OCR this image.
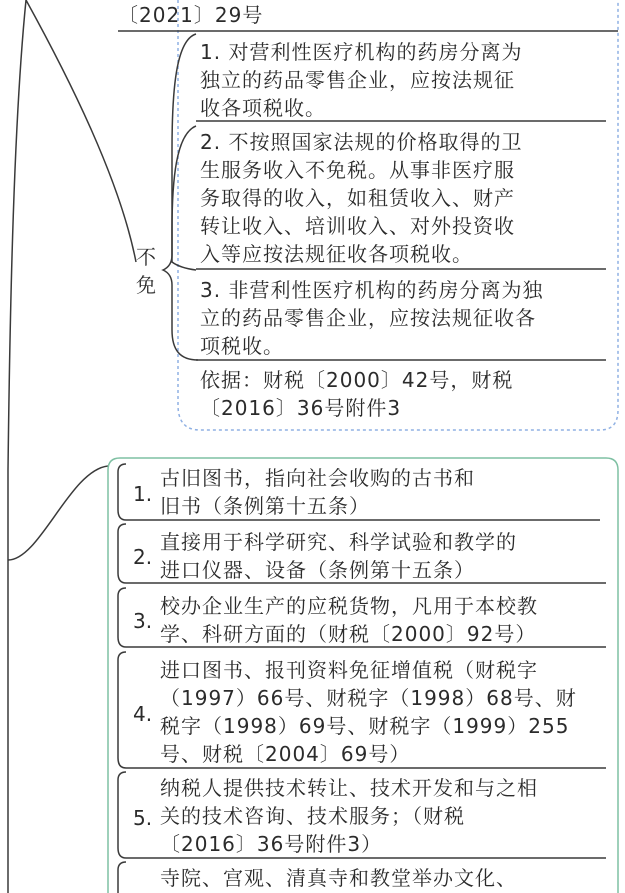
〔2021〕29号
不
免
1. 对营利性医疗机构的药房分离为
独立的药品零售企业，应按法规征
收各项税收。
2. 不按照国家法规的价格取得的卫
生服务收入不免税。从事非医疗服
务取得的收入，如租赁收入、财产
转让收入、培训收入、对外投资收
入等应按法规征收各项税收。
3. 非营利性医疗机构的药房分离为独
立的药品零售企业，应按法规征收各
项税收。
依据：财税〔2000〕42号，财税
〔2016〕36号附件3
1.
古旧图书，指向社会收购的古书和
旧书（条例第十五条）
2.
直接用于科学研究、科学试验和教学的
进口仪器、设备（条例第十五条）
3.
校办企业生产的应税货物，凡用于本校教
学、科研方面的（财税〔2000〕92号）
4.
进口图书、报刊资料免征增值税（财税字
（1997）66号、财税字（1998）68号、财
税字（1998）69号、财税字（1999）255
号、财税〔2004〕69号）
5.
纳税人提供技术转让、技术开发和与之相
关的技术咨询、技术服务；（财税
〔2016〕36号附件3）
寺院、宫观、清真寺和教堂举办文化、
